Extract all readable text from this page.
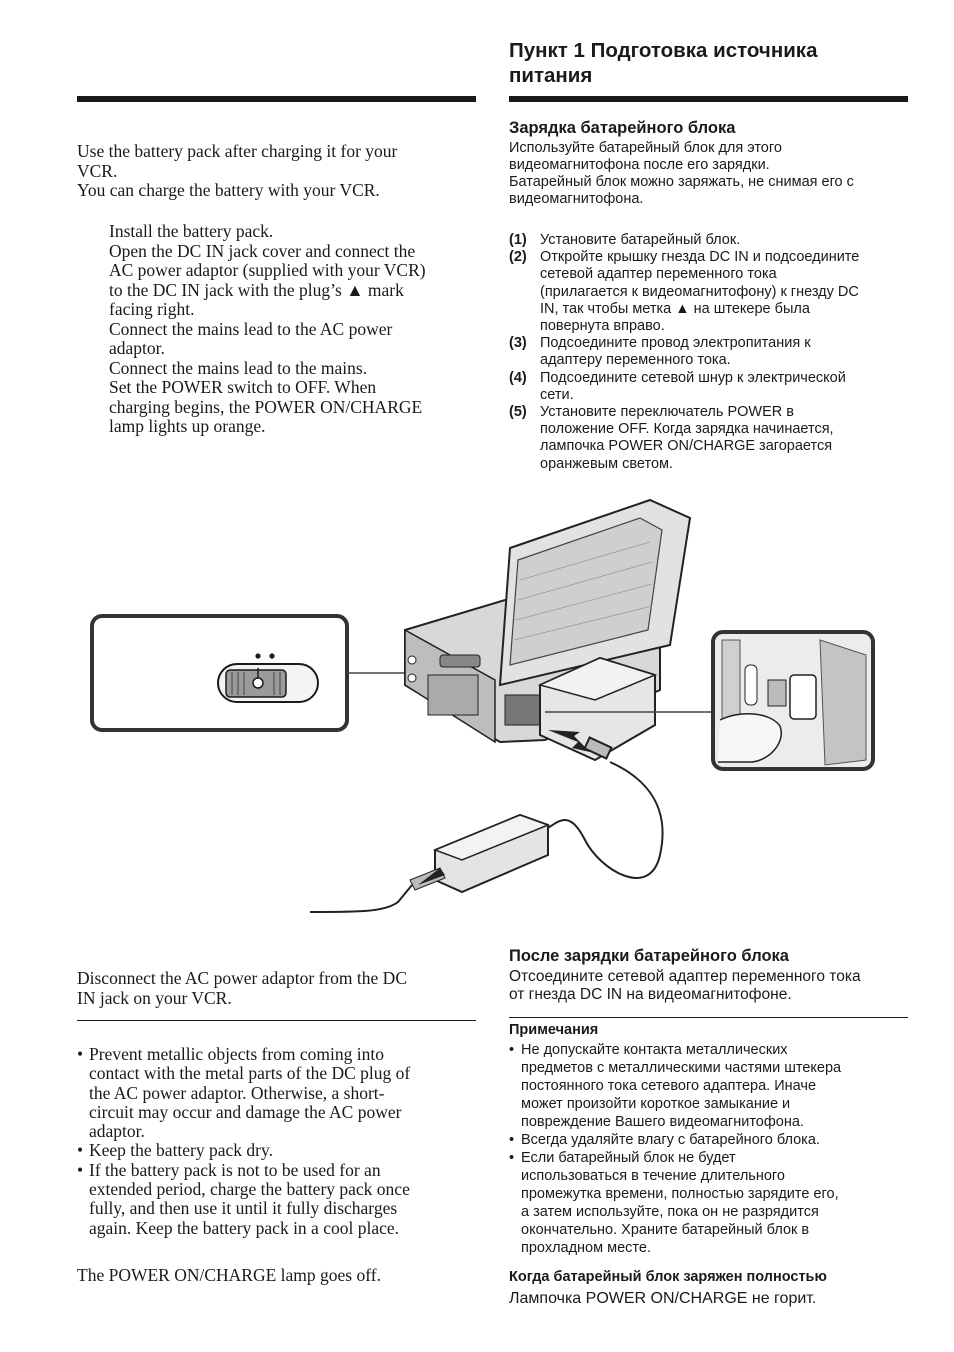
Пункт 1 Подготовка источника
питания
Use the battery pack after charging it for your
VCR.
You can charge the battery with your VCR.
Install the battery pack.
Open the DC IN jack cover and connect the
AC power adaptor (supplied with your VCR)
to the DC IN jack with the plug’s ▲ mark
facing right.
Connect the mains lead to the AC power
adaptor.
Connect the mains lead to the mains.
Set the POWER switch to OFF. When
charging begins, the POWER ON/CHARGE
lamp lights up orange.
Зарядка батарейного блока
Используйте батарейный блок для этого
видеомагнитофона после его зарядки.
Батарейный блок можно заряжать, не снимая его с
видеомагнитофона.
(1) Установите батарейный блок.
(2) Откройте крышку гнезда DC IN и подсоедините
сетевой адаптер переменного тока
(прилагается к видеомагнитофону) к гнезду DC
IN, так чтобы метка ▲ на штекере была
повернута вправо.
(3) Подсоедините провод электропитания к
адаптеру переменного тока.
(4) Подсоедините сетевой шнур к электрической
сети.
(5) Установите переключатель POWER в
положение OFF. Когда зарядка начинается,
лампочка POWER ON/CHARGE загорается
оранжевым светом.
Disconnect the AC power adaptor from the DC
IN jack on your VCR.
• Prevent metallic objects from coming into
contact with the metal parts of the DC plug of
the AC power adaptor. Otherwise, a short-
circuit may occur and damage the AC power
adaptor.
• Keep the battery pack dry.
• If the battery pack is not to be used for an
extended period, charge the battery pack once
fully, and then use it until it fully discharges
again. Keep the battery pack in a cool place.
The POWER ON/CHARGE lamp goes off.
После зарядки батарейного блока
Отсоедините сетевой адаптер переменного тока
от гнезда DC IN на видеомагнитофоне.
Примечания
• Не допускайте контакта металлических
предметов с металлическими частями штекера
постоянного тока сетевого адаптера. Иначе
может произойти короткое замыкание и
повреждение Вашего видеомагнитофона.
• Всегда удаляйте влагу с батарейного блока.
• Если батарейный блок не будет
использоваться в течение длительного
промежутка времени, полностью зарядите его,
а затем используйте, пока он не разрядится
окончательно. Храните батарейный блок в
прохладном месте.
Когда батарейный блок заряжен полностью
Лампочка POWER ON/CHARGE не горит.
